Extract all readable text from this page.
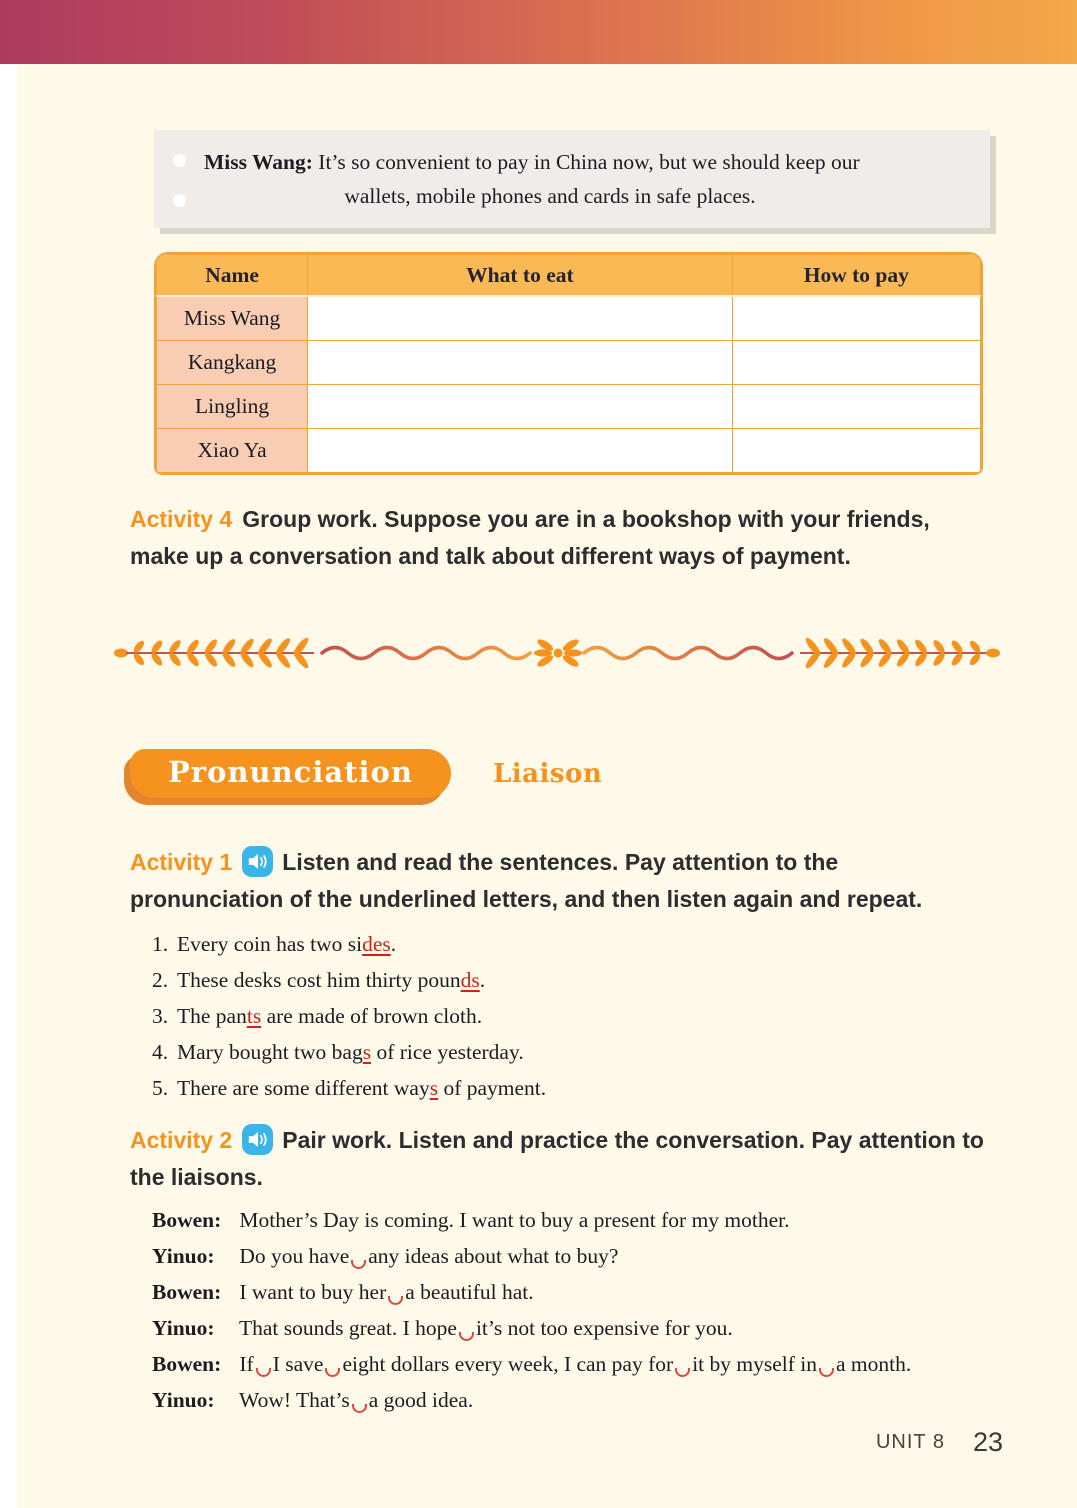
Miss Wang: It’s so convenient to pay in China now, but we should keep our
wallets, mobile phones and cards in safe places.
Name	What to eat	How to pay
Miss Wang		
Kangkang		
Lingling		
Xiao Ya		

Activity 4 Group work. Suppose you are in a bookshop with your friends, make up a conversation and talk about different ways of payment.

Pronunciation	Liaison

Activity 1 Listen and read the sentences. Pay attention to the pronunciation of the underlined letters, and then listen again and repeat.

1. Every coin has two sides.
2. These desks cost him thirty pounds.
3. The pants are made of brown cloth.
4. Mary bought two bags of rice yesterday.
5. There are some different ways of payment.

Activity 2 Pair work. Listen and practice the conversation. Pay attention to the liaisons.

Bowen: Mother’s Day is coming. I want to buy a present for my mother.
Yinuo: Do you have any ideas about what to buy?
Bowen: I want to buy her a beautiful hat.
Yinuo: That sounds great. I hope it’s not too expensive for you.
Bowen: If I save eight dollars every week, I can pay for it by myself in a month.
Yinuo: Wow! That’s a good idea.
UNIT 8 23
